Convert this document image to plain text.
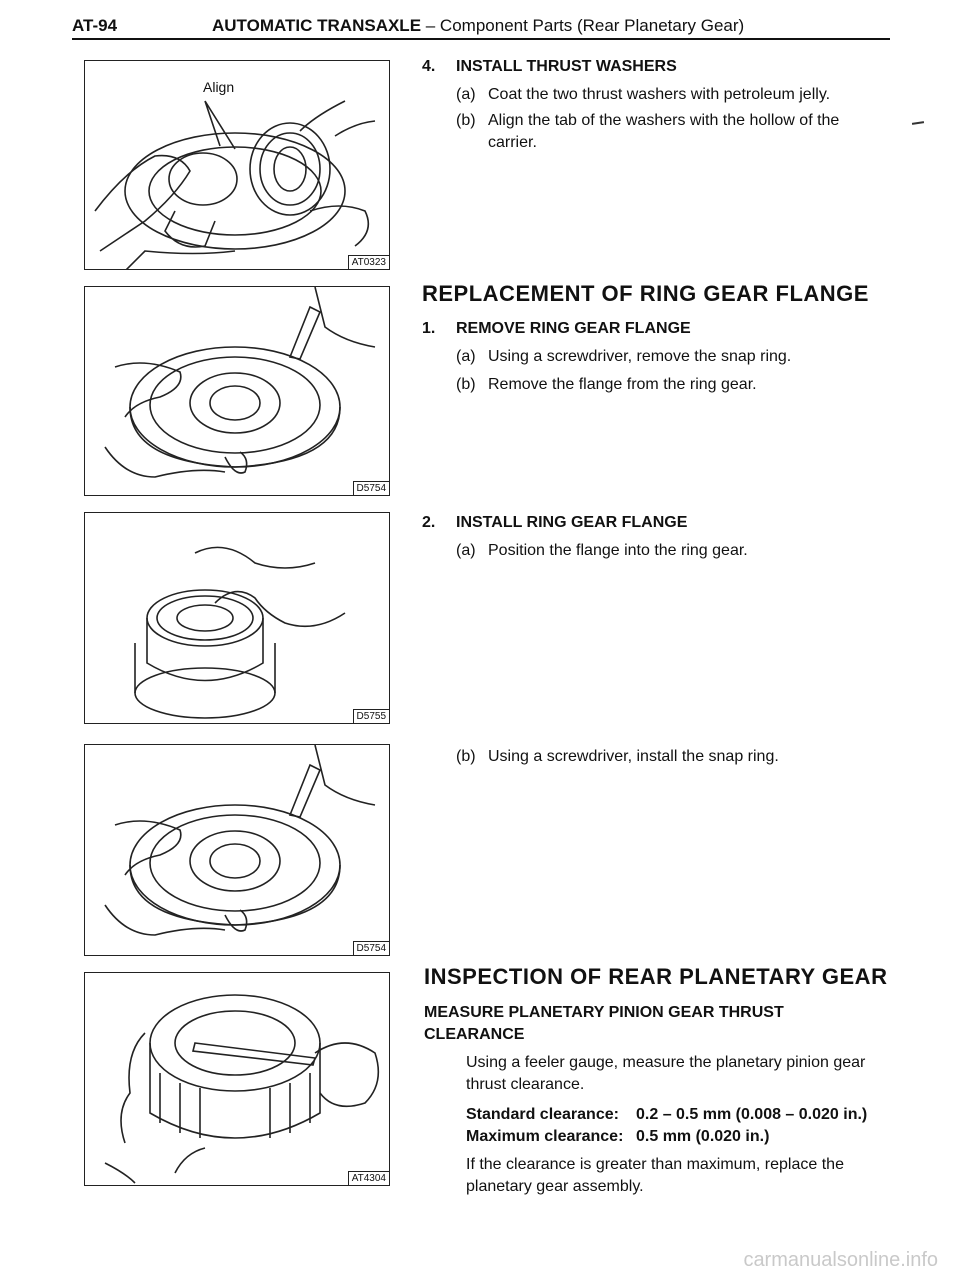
AT-94	AUTOMATIC TRANSAXLE – Component Parts (Rear Planetary Gear)
Align
AT0323
D5754
D5755
D5754
AT4304
4. INSTALL THRUST WASHERS
(a) Coat the two thrust washers with petroleum jelly.
(b) Align the tab of the washers with the hollow of the carrier.
REPLACEMENT OF RING GEAR FLANGE
1. REMOVE RING GEAR FLANGE
(a) Using a screwdriver, remove the snap ring.
(b) Remove the flange from the ring gear.
2. INSTALL RING GEAR FLANGE
(a) Position the flange into the ring gear.
(b) Using a screwdriver, install the snap ring.
INSPECTION OF REAR PLANETARY GEAR
MEASURE PLANETARY PINION GEAR THRUST CLEARANCE
Using a feeler gauge, measure the planetary pinion gear thrust clearance.
Standard clearance: 0.2 – 0.5 mm (0.008 – 0.020 in.)
Maximum clearance: 0.5 mm (0.020 in.)
If the clearance is greater than maximum, replace the planetary gear assembly.
carmanualsonline.info
